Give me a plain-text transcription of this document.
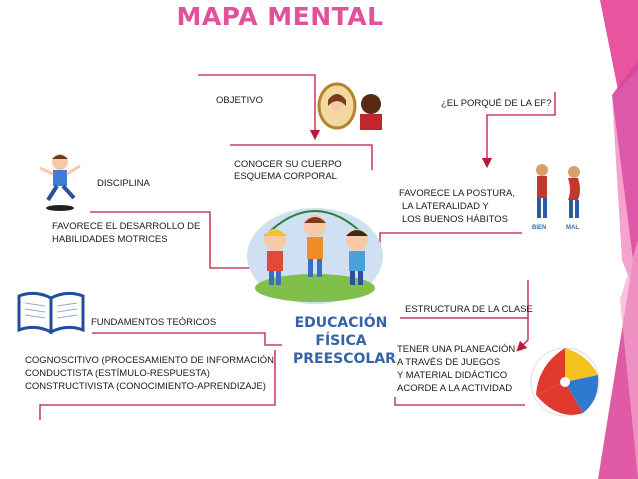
MAPA MENTAL
OBJETIVO
CONOCER SU CUERPO
ESQUEMA CORPORAL
¿EL PORQUÉ DE LA EF?
FAVORECE LA POSTURA,
LA LATERALIDAD Y
LOS BUENOS HÁBITOS
DISCIPLINA
FAVORECE EL DESARROLLO DE
HABILIDADES MOTRICES
FUNDAMENTOS TEÓRICOS
COGNOSCITIVO (PROCESAMIENTO DE INFORMACIÓN
CONDUCTISTA (ESTÍMULO-RESPUESTA)
CONSTRUCTIVISTA (CONOCIMIENTO-APRENDIZAJE)
ESTRUCTURA DE LA CLASE
TENER UNA PLANEACIÓN
A TRAVÉS DE JUEGOS
Y MATERIAL DIDÁCTICO
ACORDE A LA ACTIVIDAD
EDUCACIÓN
FÍSICA
PREESCOLAR
BIEN	MAL
